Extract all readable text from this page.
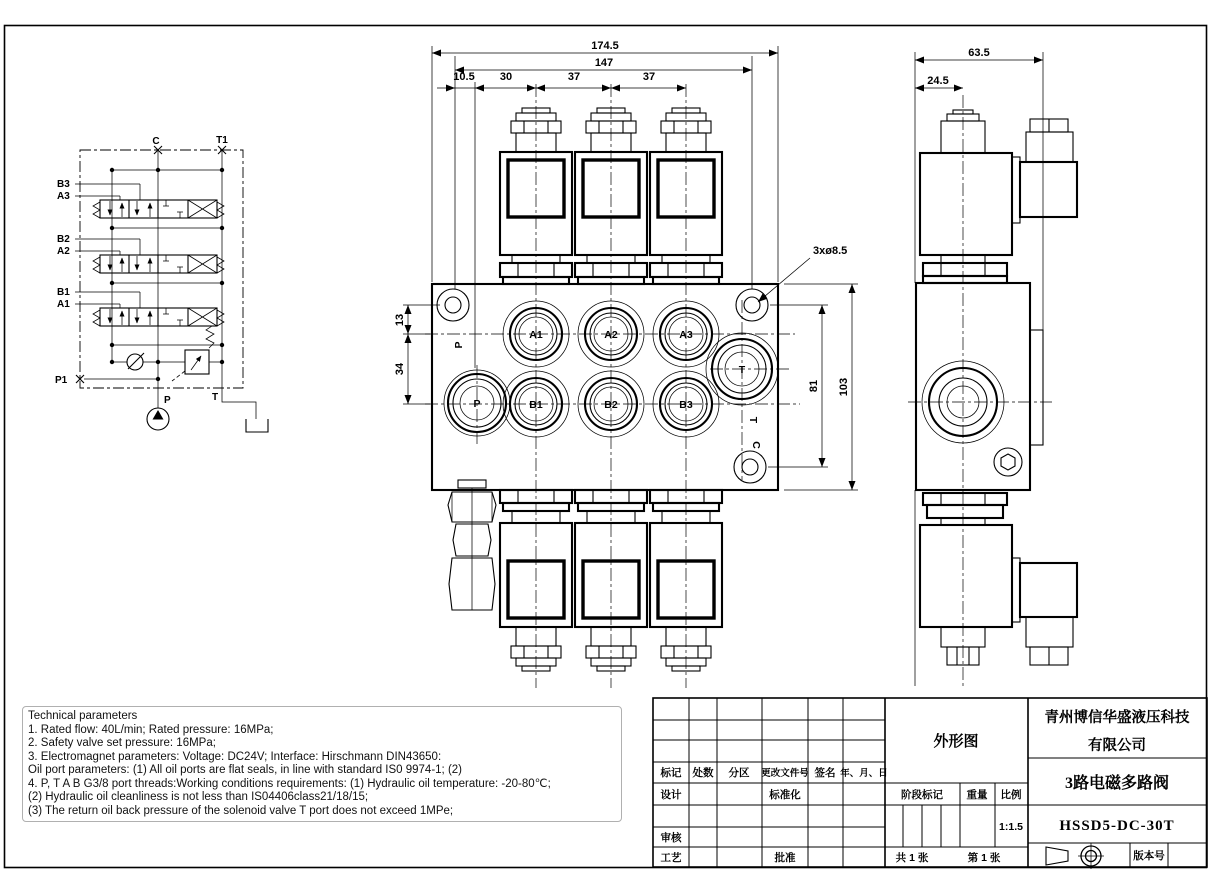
C	T1
B3
A3
B2
A2
B1
A1
P1
P	T
P
T
C
A1	A2	A3
B1	B2	B3
P
T
174.5
147
10.5 30	37	37
13
34
81 103
3xø8.5
63.5
24.5
标记 处数 分区 更改文件号 签名 年、月、日
设计	标准化
审核
工艺	批准
阶段标记 重量 比例
1:1.5
共 1 张	第 1 张	版本号
外形图
青州博信华盛液压科技
有限公司
3路电磁多路阀
HSSD5-DC-30T
Technical parameters
1. Rated flow: 40L/min; Rated pressure: 16MPa;
2. Safety valve set pressure: 16MPa;
3. Electromagnet parameters: Voltage: DC24V; Interface: Hirschmann DIN43650:
Oil port parameters: (1) All oil ports are flat seals, in line with standard IS0 9974-1; (2)
4. P, T A B G3/8 port threads:Working conditions requirements: (1) Hydraulic oil temperature: -20-80℃;
(2) Hydraulic oil cleanliness is not less than IS04406class21/18/15;
(3) The return oil back pressure of the solenoid valve T port does not exceed 1MPe;
